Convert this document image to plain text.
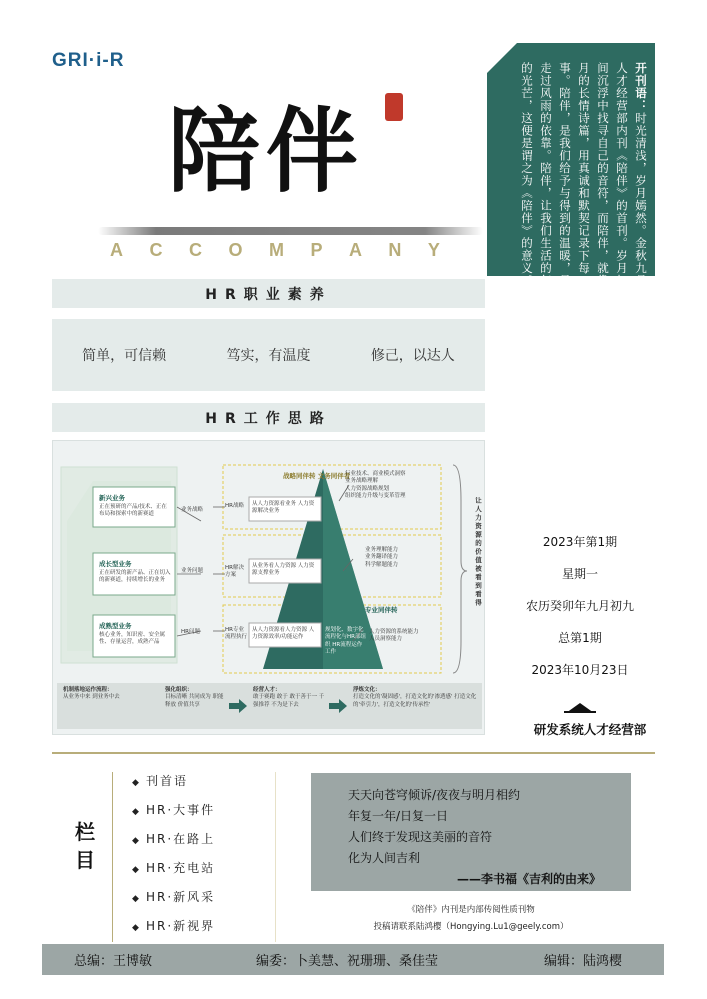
GRI·i-R
陪伴
A C C O M P A N Y
HR职业素养
简单，可信赖	笃实，有温度	修己，以达人
HR工作思路
新兴业务
正在预研的产品/技术、正在布局和探索中的新赛道
成长型业务
正在研发的新产品、正在切入的新赛道，持续增长的业务
成熟型业务
核心业务，知识密、安全属性、存量运营，成熟产品
业务战略
业务问题
HR问题
HR战略
HR解决方案
HR专业流程执行
战略同伴转 文务同伴者
从人力资源看业务 人力资源解决业务
从业务看人力资源 人力资源支撑业务
从人力资源看人力资源 人力资源效率/功能运作
规划化、数字化 流程化与HR部组织 HR流程运作 工作
专业同伴转
行业技术、商业模式洞察
业务战略理解
人力资源战略规划
组织能力升级与变革管理
业务理解能力
业务翻译能力
科学解题能力
人力资源的系统能力
人员洞察能力
让人力资源的价值被看到看得
机制落地运作流程：
从业务中来 到业务中去
强化组织：
目标清晰 共同成为 职能释放 价值共享
经营人才：
敢于赛跑 敢于 敢于善于一 千强推荐 不为是下去
浮炼文化：
打造文化的'凝固感'，打造文化的'渗透感' 打造文化的'牵引力'，打造文化的'传承性'
开刊语：时光清浅，岁月嫣然。金秋九月，我们迎来了人才经营部内刊《陪伴》的首刊。岁月如歌，我们在世间沉浮中找寻自己的音符，而陪伴，就像是那篇贯穿岁月的长情诗篇，用真诚和默契记录下每一刻的成长故事。陪伴，是我们给予与得到的温暖，是我们携手前行走过风雨的依靠。陪伴，让我们生活的每个角落充满爱的光芒，这便是谓之为《陪伴》的意义。
2023年第1期
星期一
农历癸卯年九月初九
总第1期
2023年10月23日
研发系统人才经营部
栏目
◆ 刊首语
◆ HR·大事件
◆ HR·在路上
◆ HR·充电站
◆ HR·新风采
◆ HR·新视界
天天向苍穹倾诉/夜夜与明月相约
年复一年/日复一日
人们终于发现这美丽的音符
化为人间吉利
——李书福《吉利的由来》
《陪伴》内刊是内部传阅性质刊物
投稿请联系陆鸿樱（Hongying.Lu1@geely.com）
总编：王博敏	编委：卜美慧、祝珊珊、桑佳莹	编辑：陆鸿樱
